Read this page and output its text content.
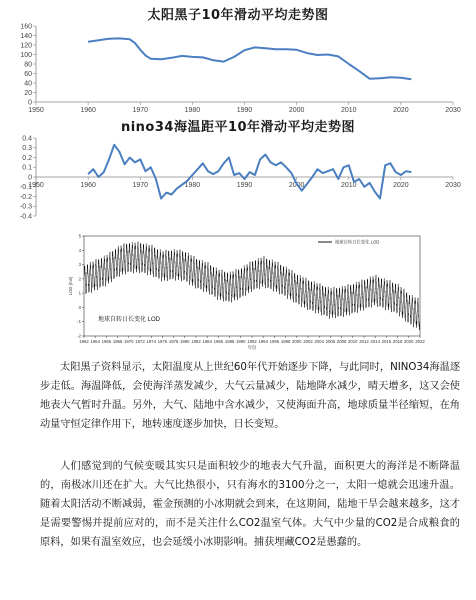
太阳黑子10年滑动平均走势图
0
20
40
60
80
100
120
140
160
1950	1960	1970	1980	1990	2000	2010	2020	2030
nino34海温距平10年滑动平均走势图
-0.4
-0.3
-0.2
-0.1
0
0.1
0.2
0.3
0.4
1950	1960	1970	1980	1990	2000	2010	2020	2030
-2
-1
0
1
2
3
4
5
1962 1964 1966 1968 1970 1972 1974 1976 1978 1980 1982 1984 1986 1988 1990 1992 1994 1996 1998 2000 2002 2004 2006 2008 2010 2012 2014 2016 2018 2020 2022
年份
LOD (ms)
地球自转日长变化 LOD
地球自转日长变化 LOD

太阳黑子资料显示，太阳温度从上世纪60年代开始逐步下降，与此同时，NINO34海温逐步走低。海温降低，会使海洋蒸发减少，大气云量减少，陆地降水减少，晴天增多，这又会使地表大气暂时升温。另外，大气、陆地中含水减少，又使海面升高，地球质量半径缩短，在角动量守恒定律作用下，地转速度逐步加快，日长变短。

人们感觉到的气候变暖其实只是面积较少的地表大气升温，面积更大的海洋是不断降温的，南极冰川还在扩大。大气比热很小，只有海水的3100分之一，太阳一熄就会迅速升温。随着太阳活动不断减弱，霍金预测的小冰期就会到来，在这期间，陆地干旱会越来越多，这才是需要警惕并提前应对的，而不是关注什么CO2温室气体。大气中少量的CO2是合成粮食的原料，如果有温室效应，也会延缓小冰期影响。捕获埋藏CO2是愚蠢的。
